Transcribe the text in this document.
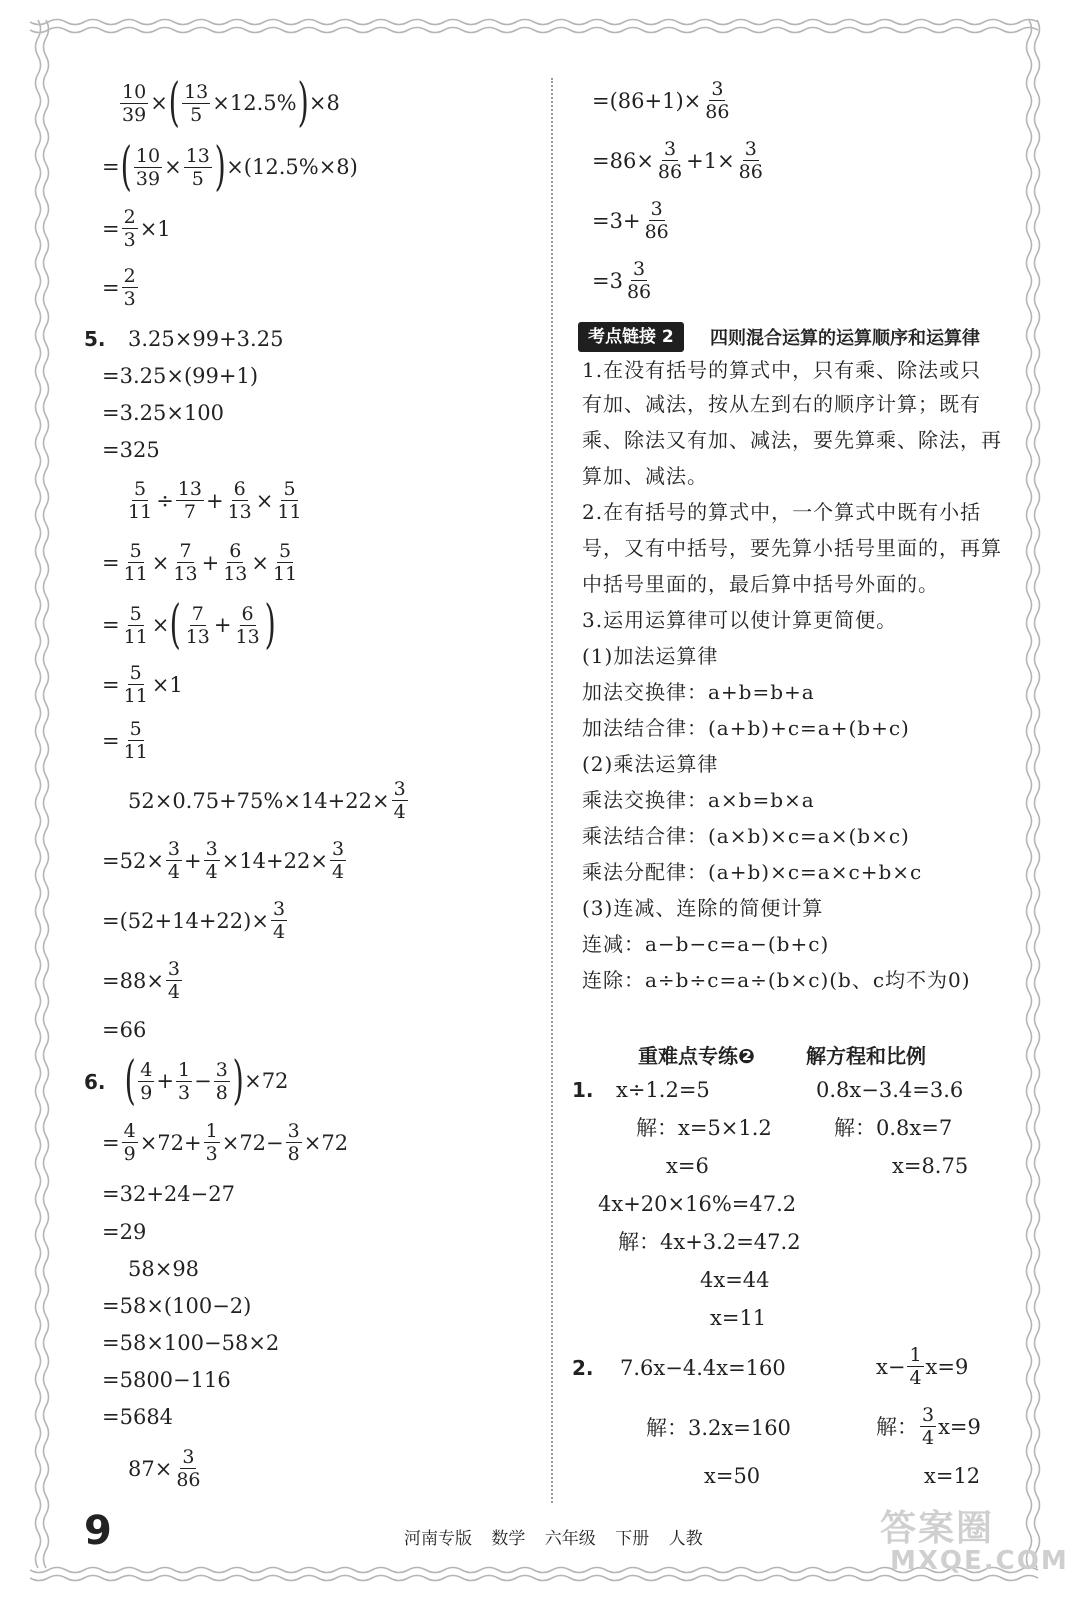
10
39 × ( $\frac{13}{5} \times 12.5\%$ ) ×8
= ( 10
39 × 13
5 ) ×(12.5%×8)
= $\frac{2}{3} \times 1$
= 2
3
5. 3.25×99+3.25
=3.25×(99+1)
=3.25×100
=325
5
11 ÷ 13
7 + 6
13 × 5
11
= 5
11 × 7
13 + 6
13 × 5
11
= 5
11 × ( 7
13 + 6
13 )
= $\frac{5}{11} \times 1$
= 5
11
$52\times 0.75+75\%\times 14+22\times \frac{3}{4}$
$=52\times \frac{3}{4} + \frac{3}{4} \times 14+22\times \frac{3}{4}$
$=(52+14+22)\times \frac{3}{4}$
$=88\times \frac{3}{4}$
=66
6. ( 4
9 + 1
3 − 3
8 ) ×72
= 4
9 ×72+ 1
3 ×72− 3
8 ×72
=32+24−27
=29
58×98
=58×(100−2)
=58×100−58×2
=5800−116
=5684
$87\times \frac{3}{86}$
$=(86+1)\times \frac{3}{86}$
$=86\times \frac{3}{86} +1\times \frac{3}{86}$
$=3+ \frac{3}{86}$
=3 3
86
考点链接 2	四则混合运算的运算顺序和运算律
1.在没有括号的算式中，只有乘、除法或只
有加、减法，按从左到右的顺序计算；既有
乘、除法又有加、减法，要先算乘、除法，再
算加、减法。
2.在有括号的算式中，一个算式中既有小括
号，又有中括号，要先算小括号里面的，再算
中括号里面的，最后算中括号外面的。
3.运用运算律可以使计算更简便。
(1)加法运算律
加法交换律：a+b=b+a
加法结合律：(a+b)+c=a+(b+c)
(2)乘法运算律
乘法交换律：a×b=b×a
乘法结合律：(a×b)×c=a×(b×c)
乘法分配律：(a+b)×c=a×c+b×c
(3)连减、连除的简便计算
连减：a−b−c=a−(b+c)
连除：a÷b÷c=a÷(b×c)(b、c均不为0)
重难点专练❷	解方程和比例
1. x÷1.2=5	0.8x−3.4=3.6
解：x=5×1.2	解：0.8x=7
x=6	x=8.75
4x+20×16%=47.2
解：4x+3.2=47.2
4x=44
x=11
2. 7.6x−4.4x=160	$x- \frac{1}{4} x=9$
解：3.2x=160	解： 3
4 x=9
x=50	x=12
9	河南专版 数学 六年级 下册 人教	答案圈
MXQE.COM
